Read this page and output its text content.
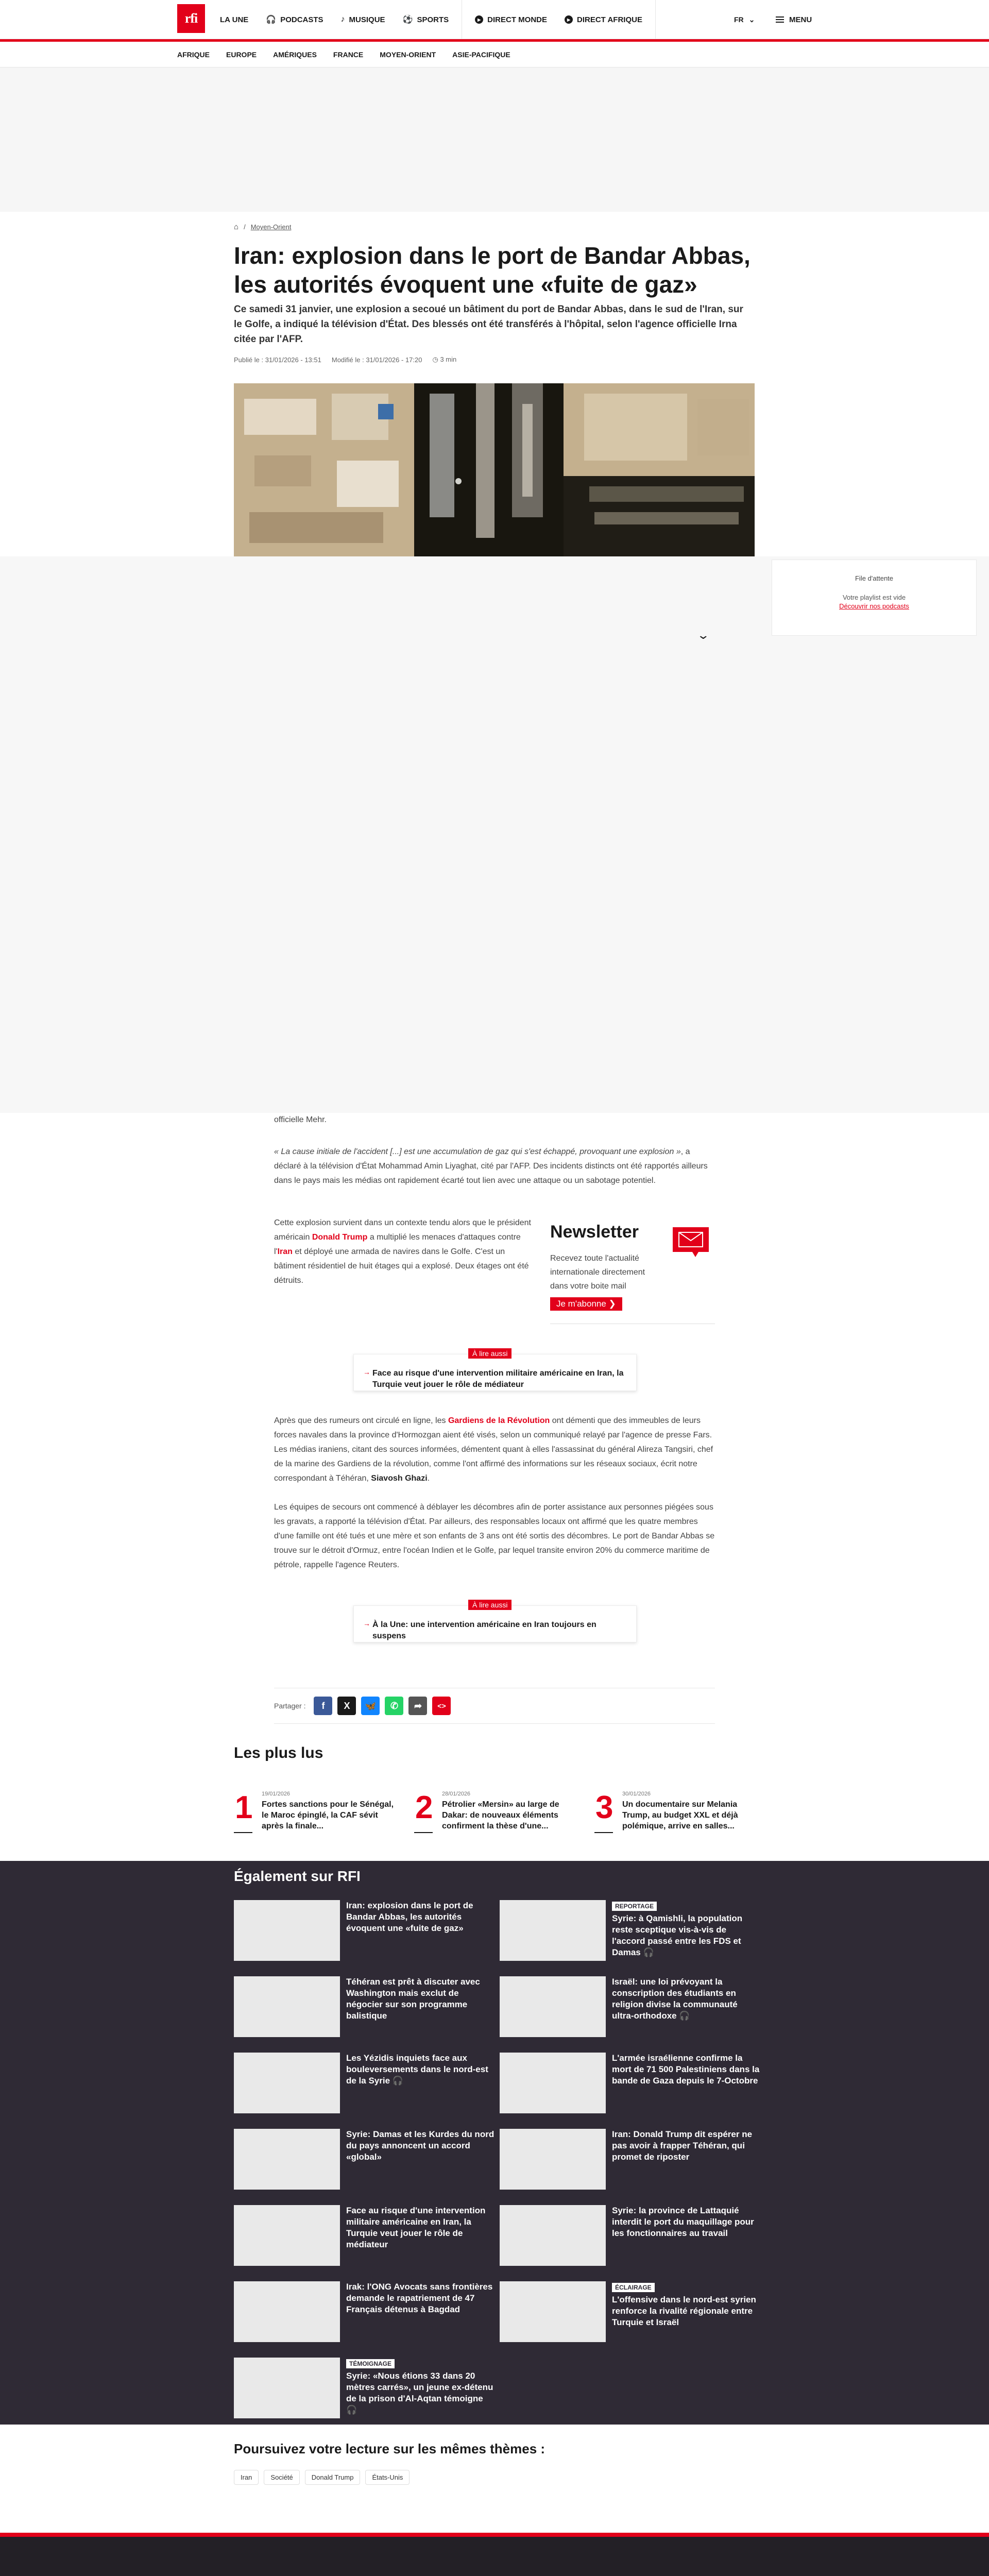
rfi	LA UNE 🎧 PODCASTS ♪ MUSIQUE ⚽ SPORTS	▶ DIRECT MONDE	▶ DIRECT AFRIQUE	FR ⌄	MENU
AFRIQUE EUROPE AMÉRIQUES FRANCE MOYEN-ORIENT ASIE-PACIFIQUE
⌂ / Moyen-Orient
Iran: explosion dans le port de Bandar Abbas, les autorités évoquent une «fuite de gaz»

Ce samedi 31 janvier, une explosion a secoué un bâtiment du port de Bandar Abbas, dans le sud de l'Iran, sur le Golfe, a indiqué la télévision d'État. Des blessés ont été transférés à l'hôpital, selon l'agence officielle Irna citée par l'AFP.

Publié le : 31/01/2026 - 13:51 Modifié le : 31/01/2026 - 17:20 ◷ 3 min
File d'attente
Votre playlist est vide
Découvrir nos podcasts
⌄

officielle Mehr.

« La cause initiale de l'accident [...] est une accumulation de gaz qui s'est échappé, provoquant une explosion », a déclaré à la télévision d'État Mohammad Amin Liyaghat, cité par l'AFP. Des incidents distincts ont été rapportés ailleurs dans le pays mais les médias ont rapidement écarté tout lien avec une attaque ou un sabotage potentiel.

Cette explosion survient dans un contexte tendu alors que le président américain Donald Trump a multiplié les menaces d'attaques contre l'Iran et déployé une armada de navires dans le Golfe. C'est un bâtiment résidentiel de huit étages qui a explosé. Deux étages ont été détruits.

Newsletter
Recevez toute l'actualité internationale directement dans votre boite mail
Je m'abonne ❯
À lire aussi
→ Face au risque d'une intervention militaire américaine en Iran, la Turquie veut jouer le rôle de médiateur

Après que des rumeurs ont circulé en ligne, les Gardiens de la Révolution ont démenti que des immeubles de leurs forces navales dans la province d'Hormozgan aient été visés, selon un communiqué relayé par l'agence de presse Fars. Les médias iraniens, citant des sources informées, démentent quant à elles l'assassinat du général Alireza Tangsiri, chef de la marine des Gardiens de la révolution, comme l'ont affirmé des informations sur les réseaux sociaux, écrit notre correspondant à Téhéran, Siavosh Ghazi.

Les équipes de secours ont commencé à déblayer les décombres afin de porter assistance aux personnes piégées sous les gravats, a rapporté la télévision d'État. Par ailleurs, des responsables locaux ont affirmé que les quatre membres d'une famille ont été tués et une mère et son enfants de 3 ans ont été sortis des décombres. Le port de Bandar Abbas se trouve sur le détroit d'Ormuz, entre l'océan Indien et le Golfe, par lequel transite environ 20% du commerce maritime de pétrole, rappelle l'agence Reuters.

À lire aussi
→ À la Une: une intervention américaine en Iran toujours en suspens
Partager :	f	X	🦋	✆	➦	<>
Les plus lus
1 19/01/2026
Fortes sanctions pour le Sénégal, le Maroc épinglé, la CAF sévit après la finale...
2 28/01/2026
Pétrolier «Mersin» au large de Dakar: de nouveaux éléments confirment la thèse d'une...
3 30/01/2026
Un documentaire sur Melania Trump, au budget XXL et déjà polémique, arrive en salles...
Également sur RFI
Iran: explosion dans le port de Bandar Abbas, les autorités évoquent une «fuite de gaz»
Téhéran est prêt à discuter avec Washington mais exclut de négocier sur son programme balistique
Les Yézidis inquiets face aux bouleversements dans le nord-est de la Syrie 🎧
Syrie: Damas et les Kurdes du nord du pays annoncent un accord «global»
Face au risque d'une intervention militaire américaine en Iran, la Turquie veut jouer le rôle de médiateur
Irak: l'ONG Avocats sans frontières demande le rapatriement de 47 Français détenus à Bagdad
TÉMOIGNAGE
Syrie: «Nous étions 33 dans 20 mètres carrés», un jeune ex-détenu de la prison d'Al-Aqtan témoigne 🎧
REPORTAGE
Syrie: à Qamishli, la population reste sceptique vis-à-vis de l'accord passé entre les FDS et Damas 🎧
Israël: une loi prévoyant la conscription des étudiants en religion divise la communauté ultra-orthodoxe 🎧
L'armée israélienne confirme la mort de 71 500 Palestiniens dans la bande de Gaza depuis le 7-Octobre
Iran: Donald Trump dit espérer ne pas avoir à frapper Téhéran, qui promet de riposter
Syrie: la province de Lattaquié interdit le port du maquillage pour les fonctionnaires au travail
ÉCLAIRAGE
L'offensive dans le nord-est syrien renforce la rivalité régionale entre Turquie et Israël
Poursuivez votre lecture sur les mêmes thèmes :
Iran	Société	Donald Trump	États-Unis
